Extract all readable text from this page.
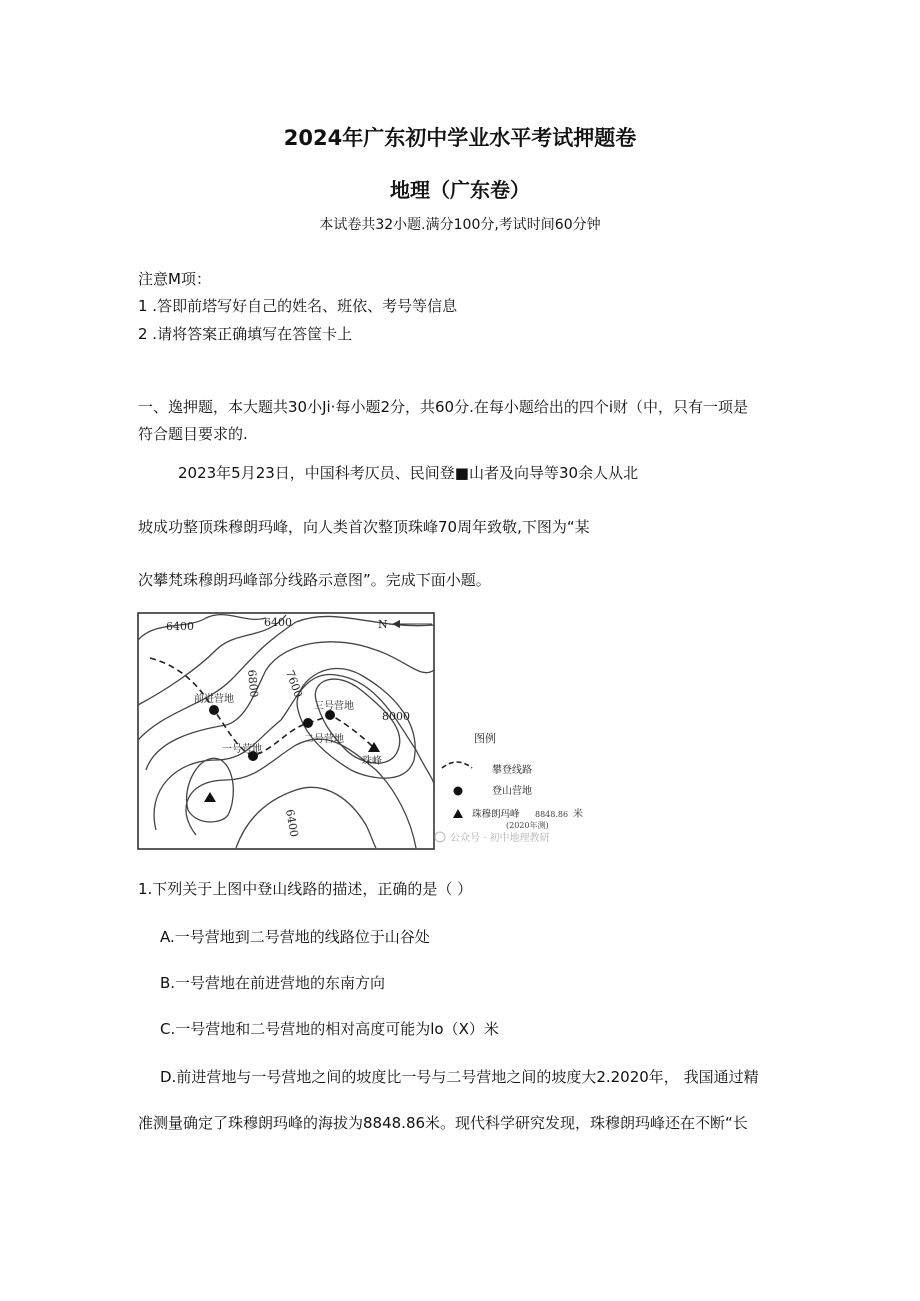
2024年广东初中学业水平考试押题卷
地理（广东卷）
本试卷共32小题.满分100分,考试时间60分钟
注意M项：
1 .答即前塔写好自己的姓名、班依、考号等信息
2 .请将答案正确填写在答筐卡上
一、逸押题，本大题共30小Ji·每小题2分，共60分.在每小题给出的四个i财（中，只有一项是
符合题目要求的.
2023年5月23日，中国科考仄员、民间登■山者及向导等30余人从北
坡成功整顶珠穆朗玛峰，向人类首次整顶珠峰70周年致敬,下图为“某
次攀梵珠穆朗玛峰部分线路示意图”。完成下面小题。
6400	6400
6800 7600
8000
6400
N
前进营地
一号营地
二号营地
三号营地
珠峰
图例
攀登线路
登山营地
珠穆朗玛峰 8848.86 米
(2020年测)
公众号 · 初中地理教研
1.下列关于上图中登山线路的描述，正确的是（ ）
A.一号营地到二号营地的线路位于山谷处
B.一号营地在前进营地的东南方向
C.一号营地和二号营地的相对高度可能为lo（X）米
D.前进营地与一号营地之间的坡度比一号与二号营地之间的坡度大2.2020年， 我国通过精
准测量确定了珠穆朗玛峰的海拔为8848.86米。现代科学研究发现，珠穆朗玛峰还在不断“长
